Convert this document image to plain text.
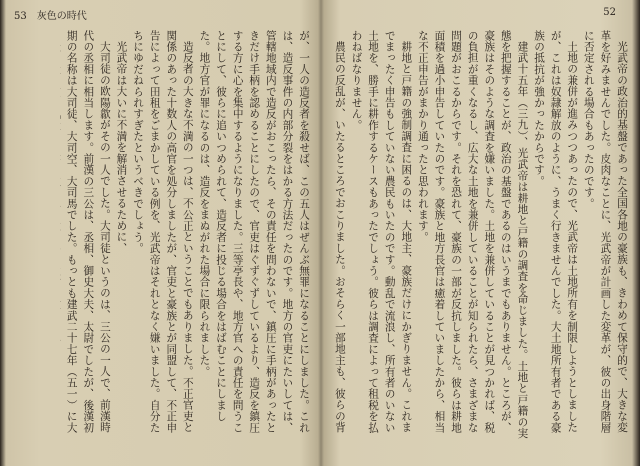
53 灰色の時代

が、一人の造反者を殺せば、この五人はぜんぶ無罪になることにしました。これは、造反事件の内部分裂をはかる方法だったのです。地方の官吏にたいしては、管轄地域内で造反がおこったら、その責任を問わないで、鎮圧に手柄があったときだけ手柄を認めることにしたので、官吏はぐずぐずしているより、造反を鎮圧する方に心を集中するようになりました。三等亭長や、地方官への責任を問うことにして、彼らに追いつめられて、造反者に投じる場合をはばむことにしました。地方官が罪になるのは、造反をまぬがれた場合に限られました。

造反者の大きな不満の一つは、不公正ということでもありました。不正官吏と関係のあった十数人の高官を処分しましたが、官吏と豪族とが同盟して、不正申告によって田租をごまかしている例を、光武帝はそれとなく嫌いました。自分たちにゆだねられすぎたというべきでしょう。

光武帝は大いに不満を解消させるために、

大司徒の欧陽歙がその一人でした。大司徒というのは、三公の一人で、前漢時代の丞相に相当します。前漢の三公は、丞相、御史大夫、太尉でしたが、後漢初期の名称は大司徒、大司空、大司馬でした。もっとも建武二十七年（五一）に大

52

光武帝の政治的基盤であった全国各地の豪族も、きわめて保守的で、大きな変革を好みませんでした。皮肉なことに、光武帝が計画した変革が、彼の出身階層に否定される場合もあったのです。

土地の兼併が進みつつあったので、光武帝は土地所有を制限しようとしましたが、これは奴隷解放のように、うまく行きませんでした。大土地所有者である豪族の抵抗が強かったからです。

建武十五年（三九）、光武帝は耕地と戸籍の調査を命じました。土地と戸籍の実態を把握することが、政治の基盤であるのはいうまでもありません。ところが、豪族はそのような調査を嫌いました。土地を兼併していることが見つかれば、税の負担が重くなるし、広大な土地を兼併していることが知られたら、さまざまな問題がおこるからです。それを恐れて、豪族の一部が反抗しました。彼らは耕地面積を過小申告していたのです。豪族と地方長官は癒着していましたから、相当な不正申告がまかり通ったと思われます。

耕地と戸籍の強制調査に困るのは、大地主、豪族だけにかぎりません。これまでまったく申告もしていない農民もいたのです。動乱で流浪し、所有者のいない土地を、勝手に耕作するケースもあったでしょう。彼らは調査によって租税を払わねばなりません。

農民の反乱が、いたるところでおこりました。おそらく一部地主も、彼らの背
